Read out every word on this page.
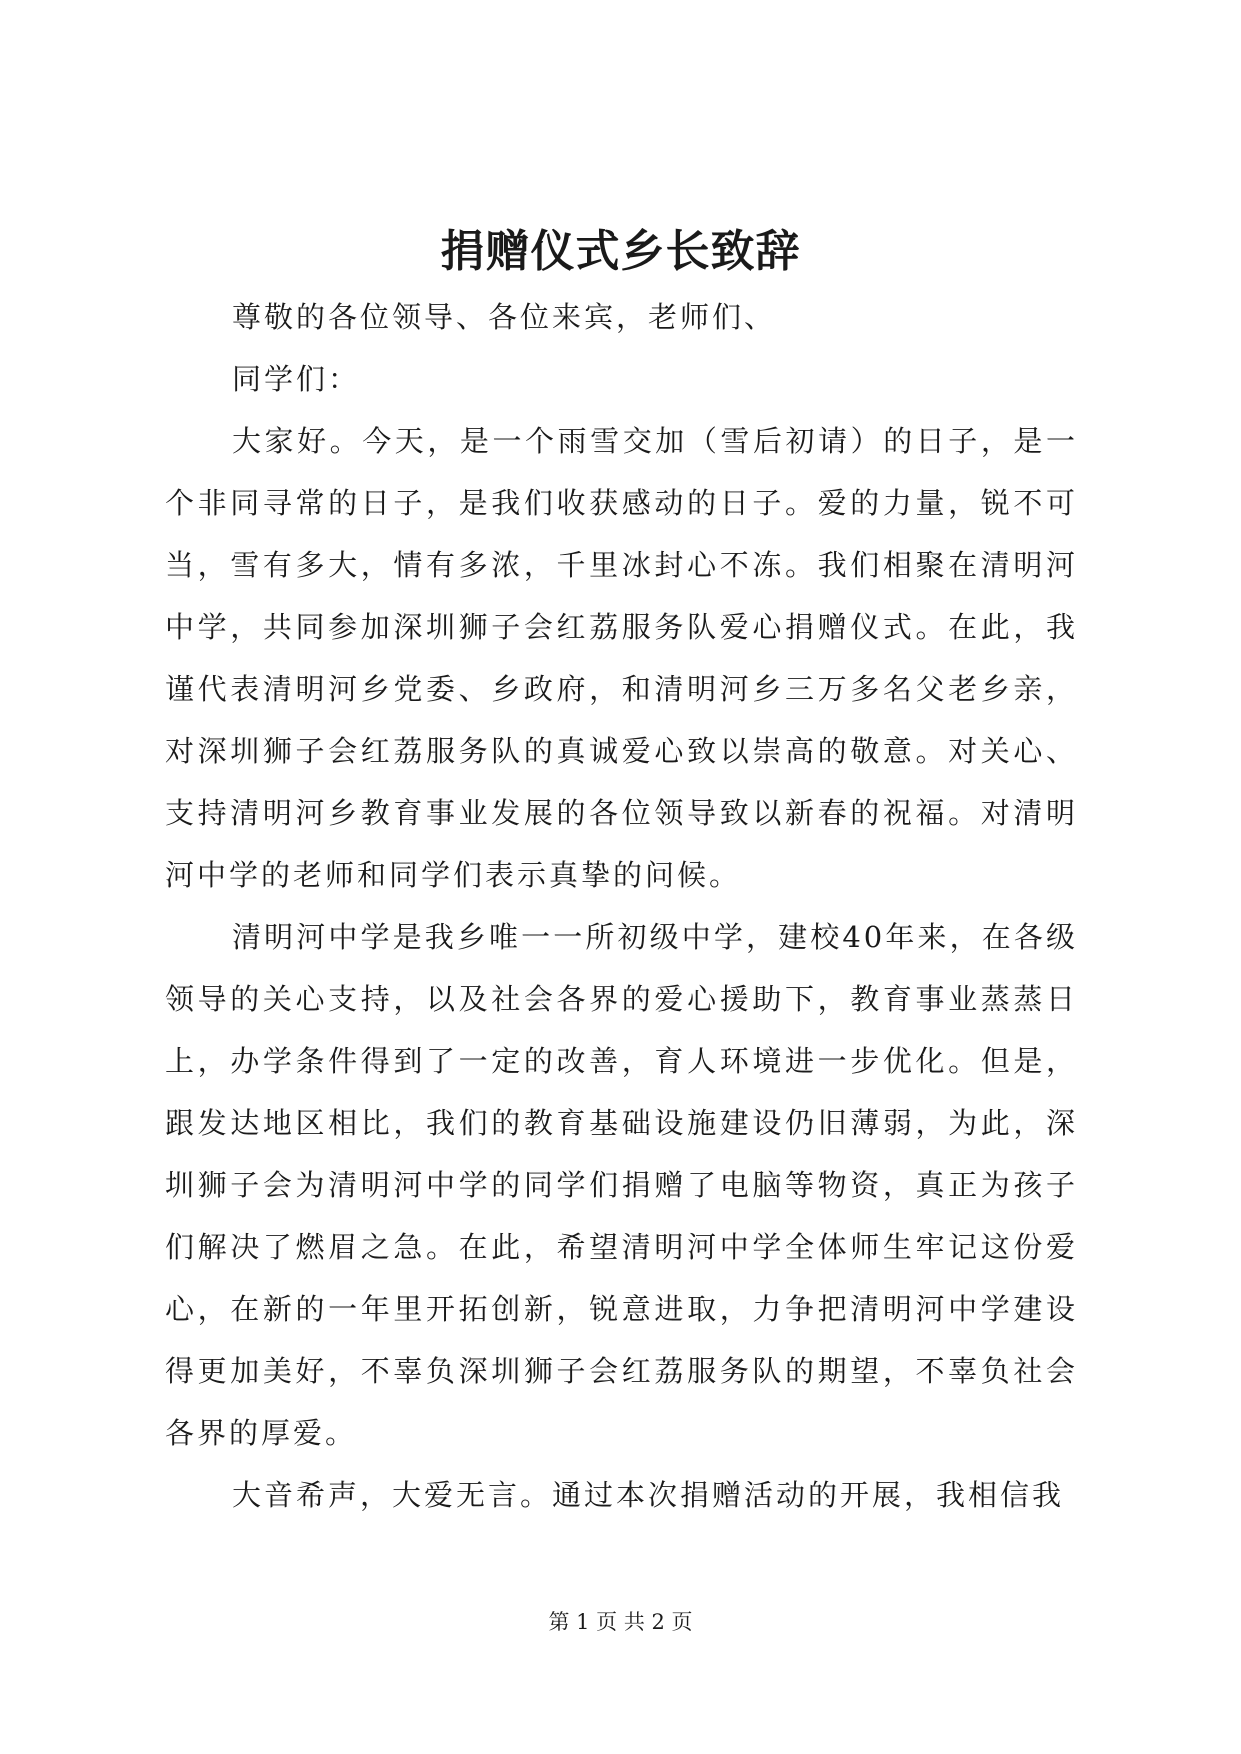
捐赠仪式乡长致辞

尊敬的各位领导、各位来宾，老师们、

同学们：

大家好。今天，是一个雨雪交加（雪后初请）的日子，是一个非同寻常的日子，是我们收获感动的日子。爱的力量，锐不可当，雪有多大，情有多浓，千里冰封心不冻。我们相聚在清明河中学，共同参加深圳狮子会红荔服务队爱心捐赠仪式。在此，我谨代表清明河乡党委、乡政府，和清明河乡三万多名父老乡亲，对深圳狮子会红荔服务队的真诚爱心致以崇高的敬意。对关心、支持清明河乡教育事业发展的各位领导致以新春的祝福。对清明河中学的老师和同学们表示真挚的问候。

清明河中学是我乡唯一一所初级中学，建校40年来，在各级领导的关心支持，以及社会各界的爱心援助下，教育事业蒸蒸日上，办学条件得到了一定的改善，育人环境进一步优化。但是，跟发达地区相比，我们的教育基础设施建设仍旧薄弱，为此，深圳狮子会为清明河中学的同学们捐赠了电脑等物资，真正为孩子们解决了燃眉之急。在此，希望清明河中学全体师生牢记这份爱心，在新的一年里开拓创新，锐意进取，力争把清明河中学建设得更加美好，不辜负深圳狮子会红荔服务队的期望，不辜负社会各界的厚爱。

大音希声，大爱无言。通过本次捐赠活动的开展，我相信我

第 1 页 共 2 页
